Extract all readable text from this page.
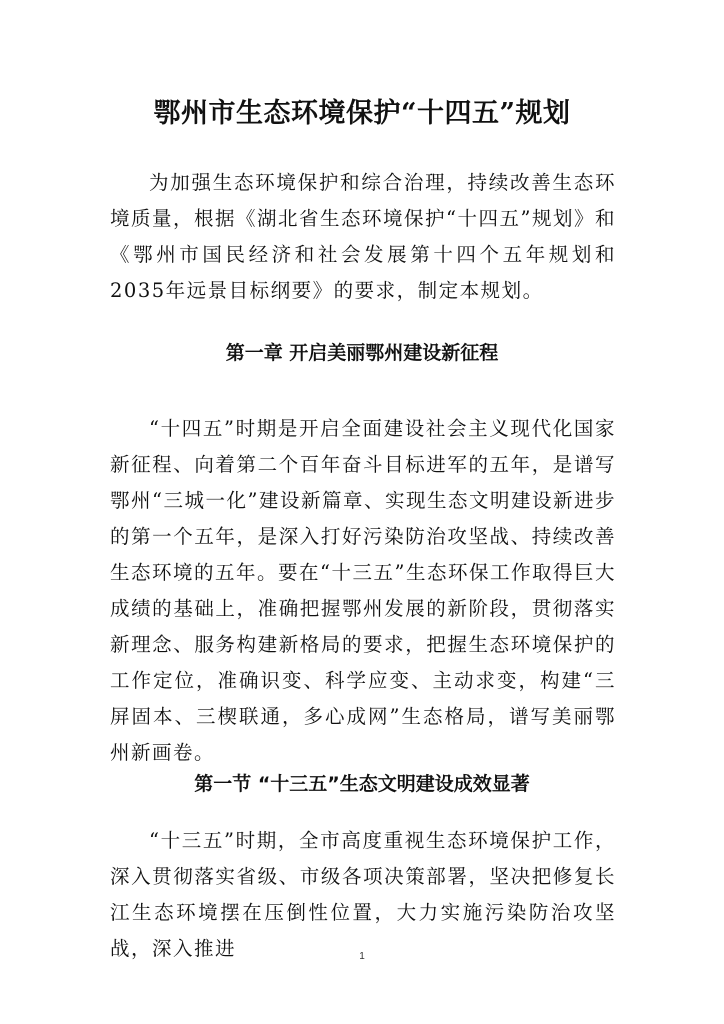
鄂州市生态环境保护“十四五”规划
为加强生态环境保护和综合治理，持续改善生态环境质量，根据《湖北省生态环境保护“十四五”规划》和《鄂州市国民经济和社会发展第十四个五年规划和2035年远景目标纲要》的要求，制定本规划。
第一章 开启美丽鄂州建设新征程
“十四五”时期是开启全面建设社会主义现代化国家新征程、向着第二个百年奋斗目标进军的五年，是谱写鄂州“三城一化”建设新篇章、实现生态文明建设新进步的第一个五年，是深入打好污染防治攻坚战、持续改善生态环境的五年。要在“十三五”生态环保工作取得巨大成绩的基础上，准确把握鄂州发展的新阶段，贯彻落实新理念、服务构建新格局的要求，把握生态环境保护的工作定位，准确识变、科学应变、主动求变，构建“三屏固本、三楔联通，多心成网”生态格局，谱写美丽鄂州新画卷。
第一节 “十三五”生态文明建设成效显著
“十三五”时期，全市高度重视生态环境保护工作，深入贯彻落实省级、市级各项决策部署，坚决把修复长江生态环境摆在压倒性位置，大力实施污染防治攻坚战，深入推进	1
